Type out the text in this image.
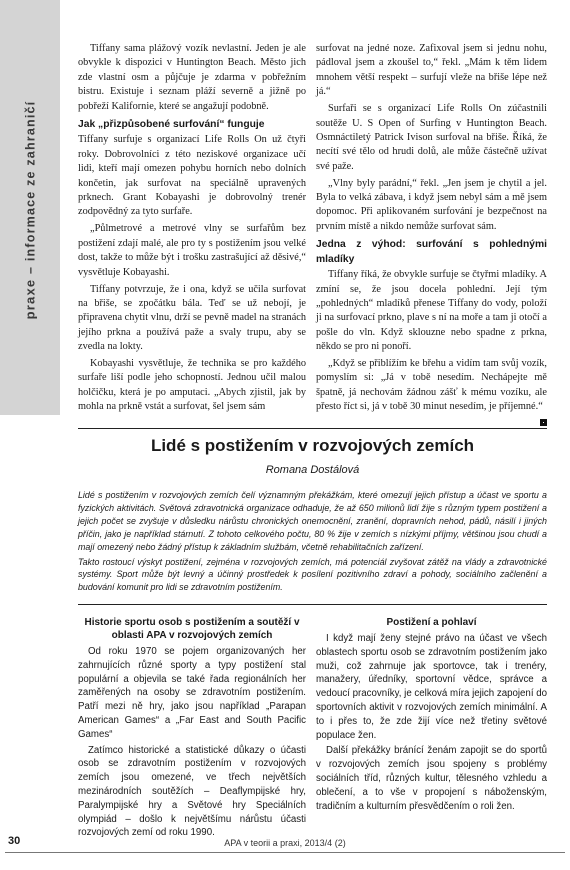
praxe – informace ze zahraničí

Tiffany sama plážový vozík nevlastní. Jeden je ale obvykle k dispozici v Huntington Beach. Město jich zde vlastní osm a půjčuje je zdarma v pobřežním bistru. Existuje i seznam pláží severně a jižně po pobřeží Kalifornie, které se angažují podobně.

Jak „přizpůsobené surfování“ funguje

Tiffany surfuje s organizací Life Rolls On už čtyři roky. Dobrovolníci z této neziskové organizace učí lidi, kteří mají omezen pohybu horních nebo dolních končetin, jak surfovat na speciálně upravených prknech. Grant Kobayashi je dobrovolný trenér zodpovědný za tyto surfaře.

„Půlmetrové a metrové vlny se surfařům bez postižení zdají malé, ale pro ty s postižením jsou velké dost, takže to může být i trošku zastrašující až děsivé,“ vysvětluje Kobayashi.

Tiffany potvrzuje, že i ona, když se učila surfovat na břiše, se zpočátku bála. Teď se už nebojí, je připravena chytit vlnu, drží se pevně madel na stranách jejího prkna a používá paže a svaly trupu, aby se zvedla na lokty.

Kobayashi vysvětluje, že technika se pro každého surfaře liší podle jeho schopností. Jednou učil malou holčičku, která je po amputaci. „Abych zjistil, jak by mohla na prkně vstát a surfovat, šel jsem sám

surfovat na jedné noze. Zafixoval jsem si jednu nohu, pádloval jsem a zkoušel to,“ řekl. „Mám k těm lidem mnohem větší respekt – surfují vleže na břiše lépe než já.“

Surfaři se s organizací Life Rolls On zúčastnili soutěže U. S Open of Surfing v Huntington Beach. Osmnáctiletý Patrick Ivison surfoval na břiše. Říká, že necítí své tělo od hrudi dolů, ale může částečně užívat své paže.

„Vlny byly parádní,“ řekl. „Jen jsem je chytil a jel. Byla to velká zábava, i když jsem nebyl sám a mě jsem dopomoc. Při aplikovaném surfování je bezpečnost na prvním místě a nikdo nemůže surfovat sám.

Jedna z výhod: surfování s pohlednými mladíky

Tiffany říká, že obvykle surfuje se čtyřmi mladíky. A zmíní se, že jsou docela pohlední. Její tým „pohledných“ mladíků přenese Tiffany do vody, položí ji na surfovací prkno, plave s ní na moře a tam ji otočí a pošle do vln. Když sklouzne nebo spadne z prkna, někdo se pro ni ponoří.

„Když se přiblížím ke břehu a vidím tam svůj vozík, pomyslím si: „Já v tobě nesedím. Nechápejte mě špatně, já nechovám žádnou zášť k mému vozíku, ale přesto říct si, já v tobě 30 minut nesedím, je příjemné.“

Lidé s postižením v rozvojových zemích
Romana Dostálová

Lidé s postižením v rozvojových zemích čelí významným překážkám, které omezují jejich přístup a účast ve sportu a fyzických aktivitách. Světová zdravotnická organizace odhaduje, že až 650 milionů lidí žije s různým typem postižení a jejich počet se zvyšuje v důsledku nárůstu chronických onemocnění, zranění, dopravních nehod, pádů, násilí i jiných příčin, jako je například stárnutí. Z tohoto celkového počtu, 80 % žije v zemích s nízkými příjmy, většinou jsou chudí a mají omezený nebo žádný přístup k základním službám, včetně rehabilitačních zařízení.

Takto rostoucí výskyt postižení, zejména v rozvojových zemích, má potenciál zvyšovat zátěž na vlády a zdravotnické systémy. Sport může být levný a účinný prostředek k posílení pozitivního zdraví a pohody, sociálního začlenění a budování komunit pro lidi se zdravotním postižením.

Historie sportu osob s postižením a soutěží v oblasti APA v rozvojových zemích

Od roku 1970 se pojem organizovaných her zahrnujících různé sporty a typy postižení stal populární a objevila se také řada regionálních her zaměřených na osoby se zdravotním postižením. Patří mezi ně hry, jako jsou například „Parapan American Games“ a „Far East and South Pacific Games“

Zatímco historické a statistické důkazy o účasti osob se zdravotním postižením v rozvojových zemích jsou omezené, ve třech největších mezinárodních soutěžích – Deaflympijské hry, Paralympijské hry a Světové hry Speciálních olympiád – došlo k největšímu nárůstu účasti rozvojových zemí od roku 1990.

Postižení a pohlaví

I když mají ženy stejné právo na účast ve všech oblastech sportu osob se zdravotním postižením jako muži, což zahrnuje jak sportovce, tak i trenéry, manažery, úředníky, sportovní vědce, správce a vedoucí pracovníky, je celková míra jejich zapojení do sportovních aktivit v rozvojových zemích minimální. A to i přes to, že zde žijí více než třetiny světové populace žen.

Další překážky bránící ženám zapojit se do sportů v rozvojových zemích jsou spojeny s problémy sociálních tříd, různých kultur, tělesného vzhledu a oblečení, a to vše v propojení s náboženským, tradičním a kulturním přesvědčením o roli žen.

30	APA v teorii a praxi, 2013/4 (2)
